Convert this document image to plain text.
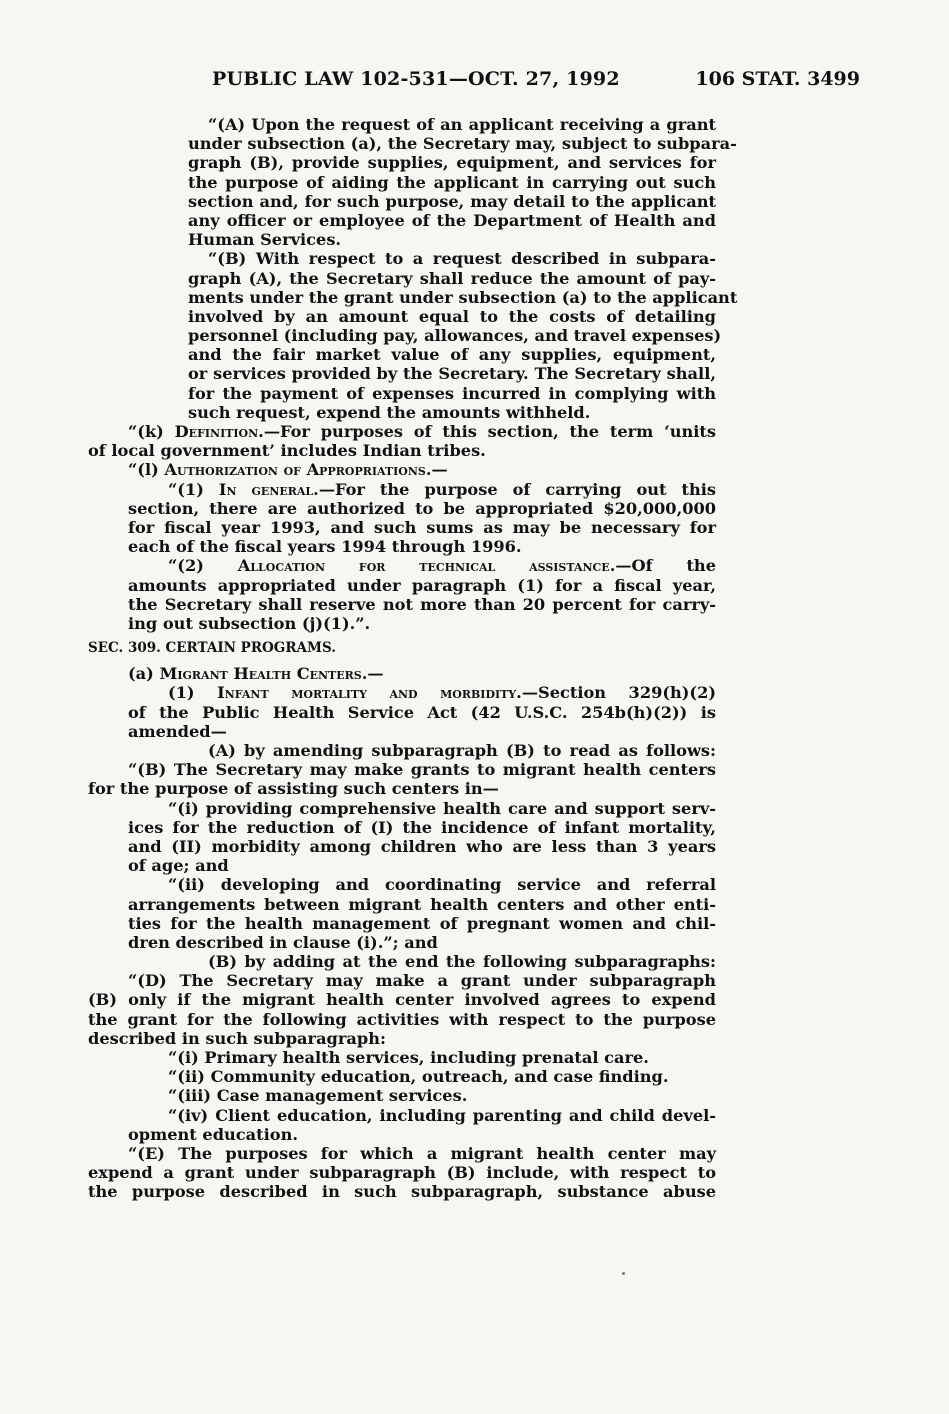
PUBLIC LAW 102-531—OCT. 27, 1992	106 STAT. 3499
“(A) Upon the request of an applicant receiving a grant
under subsection (a), the Secretary may, subject to subpara-
graph (B), provide supplies, equipment, and services for
the purpose of aiding the applicant in carrying out such
section and, for such purpose, may detail to the applicant
any officer or employee of the Department of Health and
Human Services.
“(B) With respect to a request described in subpara-
graph (A), the Secretary shall reduce the amount of pay-
ments under the grant under subsection (a) to the applicant
involved by an amount equal to the costs of detailing
personnel (including pay, allowances, and travel expenses)
and the fair market value of any supplies, equipment,
or services provided by the Secretary. The Secretary shall,
for the payment of expenses incurred in complying with
such request, expend the amounts withheld.
“(k) Definition.—For purposes of this section, the term ‘units
of local government’ includes Indian tribes.
“(l) Authorization of Appropriations.—
“(1) In general.—For the purpose of carrying out this
section, there are authorized to be appropriated $20,000,000
for fiscal year 1993, and such sums as may be necessary for
each of the fiscal years 1994 through 1996.
“(2) Allocation for technical assistance.—Of the
amounts appropriated under paragraph (1) for a fiscal year,
the Secretary shall reserve not more than 20 percent for carry-
ing out subsection (j)(1).”.
SEC. 309. CERTAIN PROGRAMS.
(a) Migrant Health Centers.—
(1) Infant mortality and morbidity.—Section 329(h)(2)
of the Public Health Service Act (42 U.S.C. 254b(h)(2)) is
amended—
(A) by amending subparagraph (B) to read as follows:
“(B) The Secretary may make grants to migrant health centers
for the purpose of assisting such centers in—
“(i) providing comprehensive health care and support serv-
ices for the reduction of (I) the incidence of infant mortality,
and (II) morbidity among children who are less than 3 years
of age; and
“(ii) developing and coordinating service and referral
arrangements between migrant health centers and other enti-
ties for the health management of pregnant women and chil-
dren described in clause (i).”; and
(B) by adding at the end the following subparagraphs:
“(D) The Secretary may make a grant under subparagraph
(B) only if the migrant health center involved agrees to expend
the grant for the following activities with respect to the purpose
described in such subparagraph:
“(i) Primary health services, including prenatal care.
“(ii) Community education, outreach, and case finding.
“(iii) Case management services.
“(iv) Client education, including parenting and child devel-
opment education.
“(E) The purposes for which a migrant health center may
expend a grant under subparagraph (B) include, with respect to
the purpose described in such subparagraph, substance abuse
